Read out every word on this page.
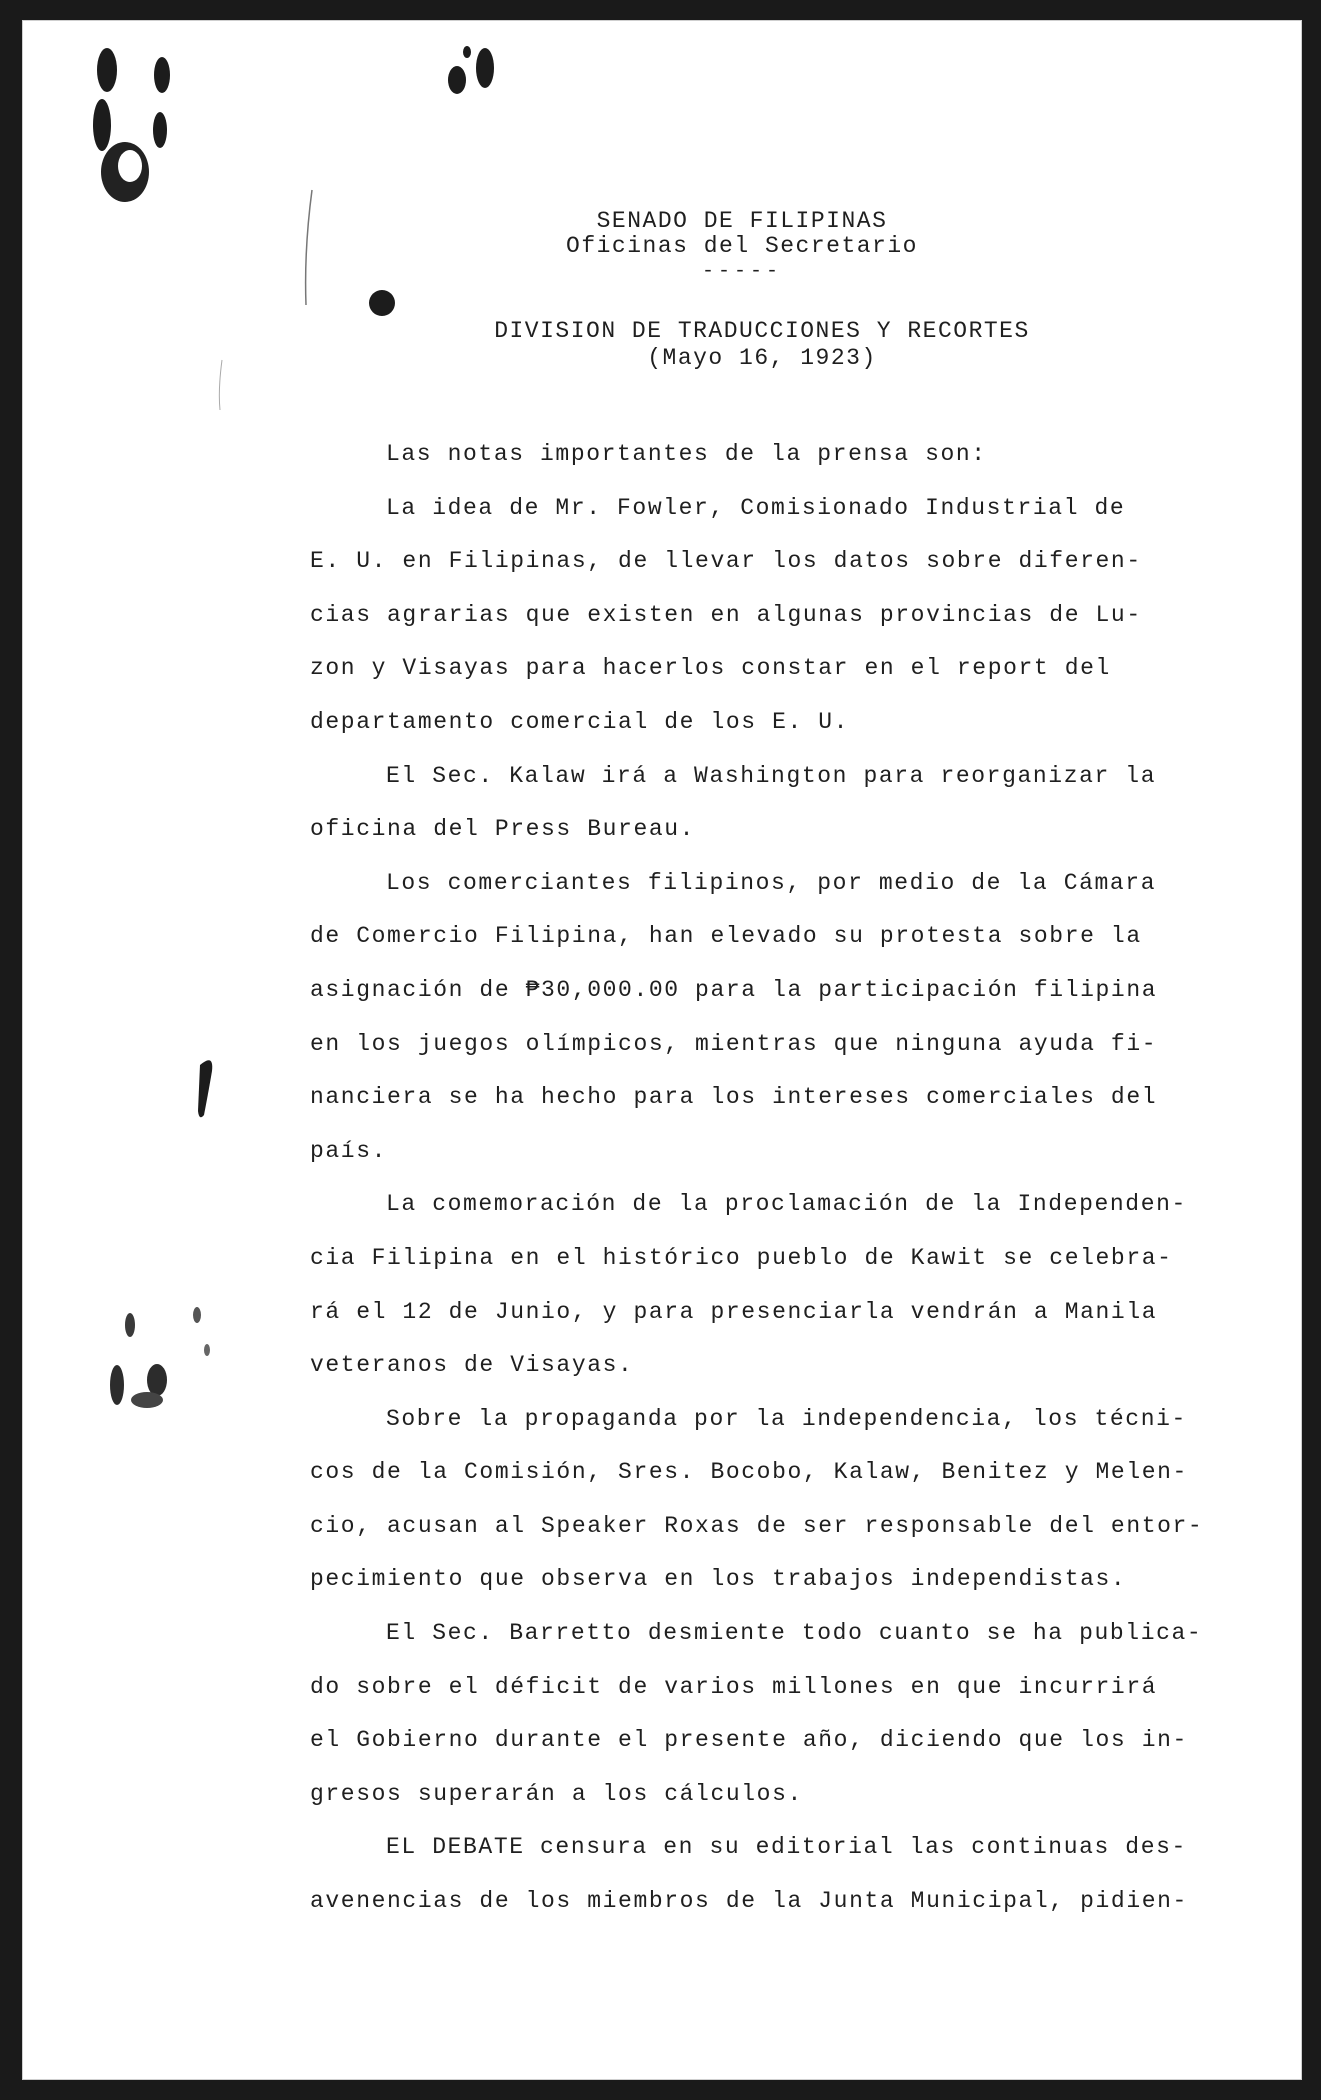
SENADO DE FILIPINAS
Oficinas del Secretario
-----
DIVISION DE TRADUCCIONES Y RECORTES
(Mayo 16, 1923)

Las notas importantes de la prensa son:

La idea de Mr. Fowler, Comisionado Industrial de

E. U. en Filipinas, de llevar los datos sobre diferen-

cias agrarias que existen en algunas provincias de Lu-

zon y Visayas para hacerlos constar en el report del

departamento comercial de los E. U.

El Sec. Kalaw irá a Washington para reorganizar la

oficina del Press Bureau.

Los comerciantes filipinos, por medio de la Cámara

de Comercio Filipina, han elevado su protesta sobre la

asignación de ₱30,000.00 para la participación filipina

en los juegos olímpicos, mientras que ninguna ayuda fi-

nanciera se ha hecho para los intereses comerciales del

país.

La comemoración de la proclamación de la Independen-

cia Filipina en el histórico pueblo de Kawit se celebra-

rá el 12 de Junio, y para presenciarla vendrán a Manila

veteranos de Visayas.

Sobre la propaganda por la independencia, los técni-

cos de la Comisión, Sres. Bocobo, Kalaw, Benitez y Melen-

cio, acusan al Speaker Roxas de ser responsable del entor-

pecimiento que observa en los trabajos independistas.

El Sec. Barretto desmiente todo cuanto se ha publica-

do sobre el déficit de varios millones en que incurrirá

el Gobierno durante el presente año, diciendo que los in-

gresos superarán a los cálculos.

EL DEBATE censura en su editorial las continuas des-

avenencias de los miembros de la Junta Municipal, pidien-
